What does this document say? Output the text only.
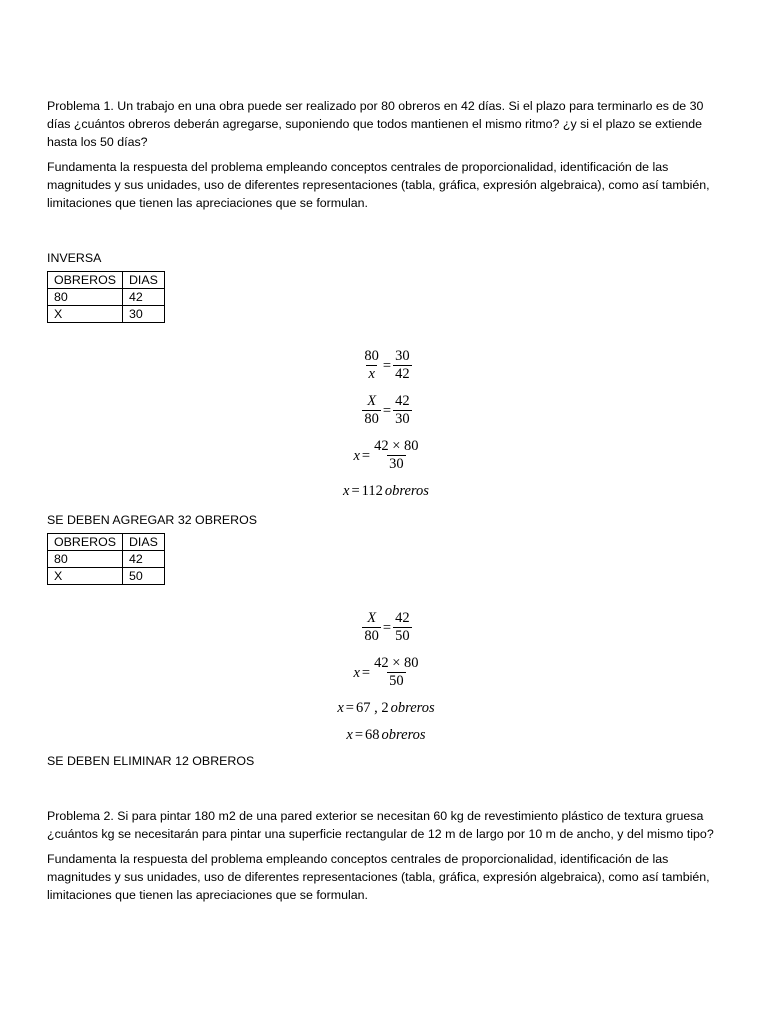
Problema 1. Un trabajo en una obra puede ser realizado por 80 obreros en 42 días. Si el plazo para terminarlo es de 30 días ¿cuántos obreros deberán agregarse, suponiendo que todos mantienen el mismo ritmo? ¿y si el plazo se extiende hasta los 50 días?

Fundamenta la respuesta del problema empleando conceptos centrales de proporcionalidad, identificación de las magnitudes y sus unidades, uso de diferentes representaciones (tabla, gráfica, expresión algebraica), como así también, limitaciones que tienen las apreciaciones que se formulan.

INVERSA

OBREROS	DIAS
80	42
X	30
$\frac{80}{x} = \frac{30}{42}$
$\frac{X}{80} = \frac{42}{30}$
$x = \frac{42 \times 80}{30}$
x = 112 obreros

SE DEBEN AGREGAR 32 OBREROS

OBREROS	DIAS
80	42
X	50
$\frac{X}{80} = \frac{42}{50}$
$x = \frac{42 \times 80}{50}$
x = 67 , 2 obreros
x = 68 obreros

SE DEBEN ELIMINAR 12 OBREROS

Problema 2. Si para pintar 180 m2 de una pared exterior se necesitan 60 kg de revestimiento plástico de textura gruesa ¿cuántos kg se necesitarán para pintar una superficie rectangular de 12 m de largo por 10 m de ancho, y del mismo tipo?

Fundamenta la respuesta del problema empleando conceptos centrales de proporcionalidad, identificación de las magnitudes y sus unidades, uso de diferentes representaciones (tabla, gráfica, expresión algebraica), como así también, limitaciones que tienen las apreciaciones que se formulan.
